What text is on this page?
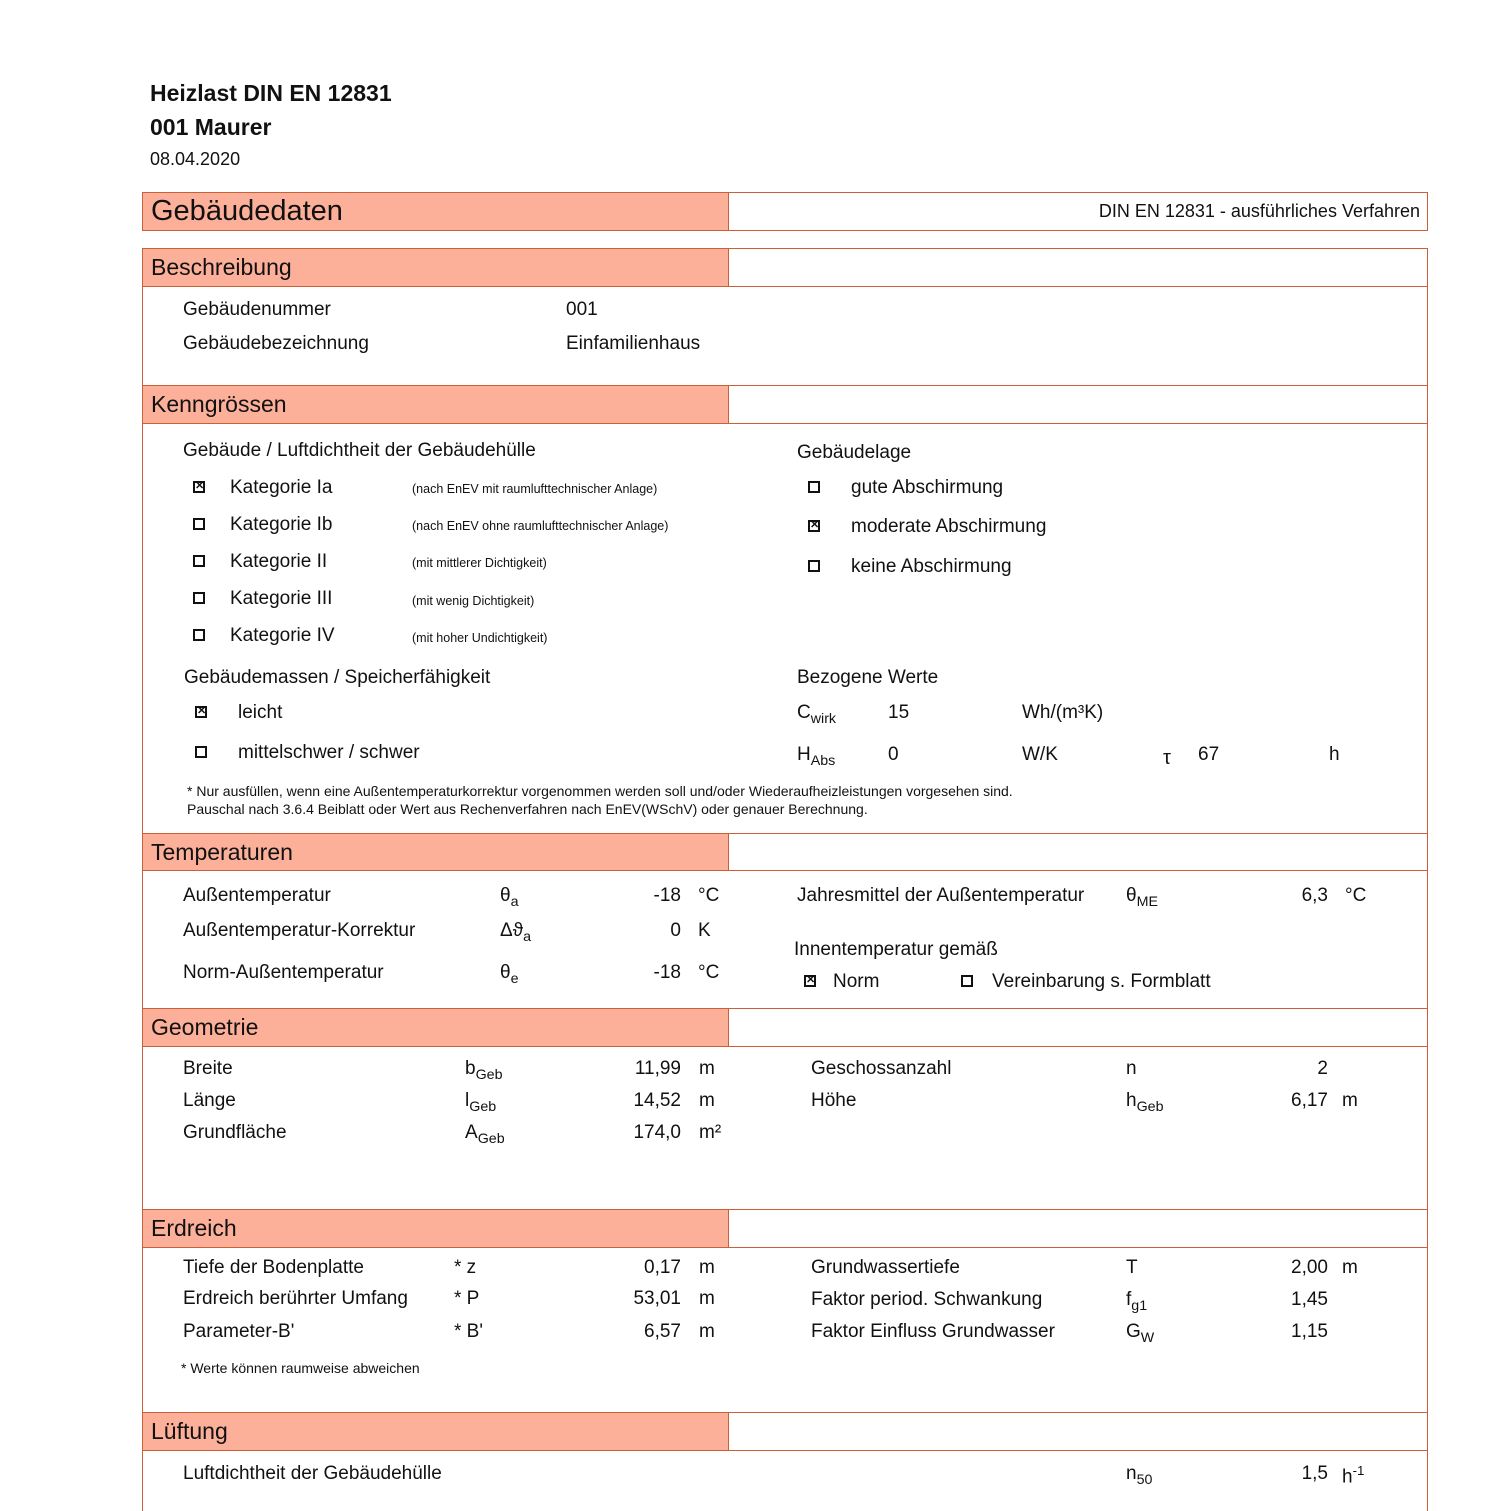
Heizlast DIN EN 12831
001 Maurer
08.04.2020
Gebäudedaten	DIN EN 12831 - ausführliches Verfahren
Beschreibung
Gebäudenummer	001
Gebäudebezeichnung	Einfamilienhaus
Kenngrössen
Gebäude / Luftdichtheit der Gebäudehülle
✕
Kategorie Ia	(nach EnEV mit raumlufttechnischer Anlage)
Kategorie Ib	(nach EnEV ohne raumlufttechnischer Anlage)
Kategorie II	(mit mittlerer Dichtigkeit)
Kategorie III	(mit wenig Dichtigkeit)
Kategorie IV	(mit hoher Undichtigkeit)
Gebäudelage
gute Abschirmung
✕
moderate Abschirmung
keine Abschirmung
Gebäudemassen / Speicherfähigkeit
✕
leicht
mittelschwer / schwer
Bezogene Werte
$C_{wirk}$	15	Wh/(m³K)
$H_{Abs}$	0	W/K	τ 67	h
* Nur ausfüllen, wenn eine Außentemperaturkorrektur vorgenommen werden soll und/oder Wiederaufheizleistungen vorgesehen sind.
Pauschal nach 3.6.4 Beiblatt oder Wert aus Rechenverfahren nach EnEV(WSchV) oder genauer Berechnung.
Temperaturen
Außentemperatur	$\theta_a$	-18 °C
Außentemperatur-Korrektur	$\Delta ϑ_a$	0 K
Norm-Außentemperatur	$\theta_e$	-18 °C
Jahresmittel der Außentemperatur $\theta_{ME}$	6,3 °C
Innentemperatur gemäß
✕
Norm	Vereinbarung s. Formblatt
Geometrie
Breite	$b_{Geb}$	11,99 m
Länge	$l_{Geb}$	14,52 m
Grundfläche	$A_{Geb}$	174,0 m²
Geschossanzahl	n	2
Höhe	$h_{Geb}$	6,17 m
Erdreich
Tiefe der Bodenplatte	* z	0,17 m
Erdreich berührter Umfang * P	53,01 m
Parameter-B'	* B'	6,57 m
Grundwassertiefe	T	2,00 m
Faktor period. Schwankung	$f_{g1}$	1,45
Faktor Einfluss Grundwasser	$G_W$	1,15
* Werte können raumweise abweichen
Lüftung
Luftdichtheit der Gebäudehülle	$n_{50}$	1,5 $h^{-1}$
